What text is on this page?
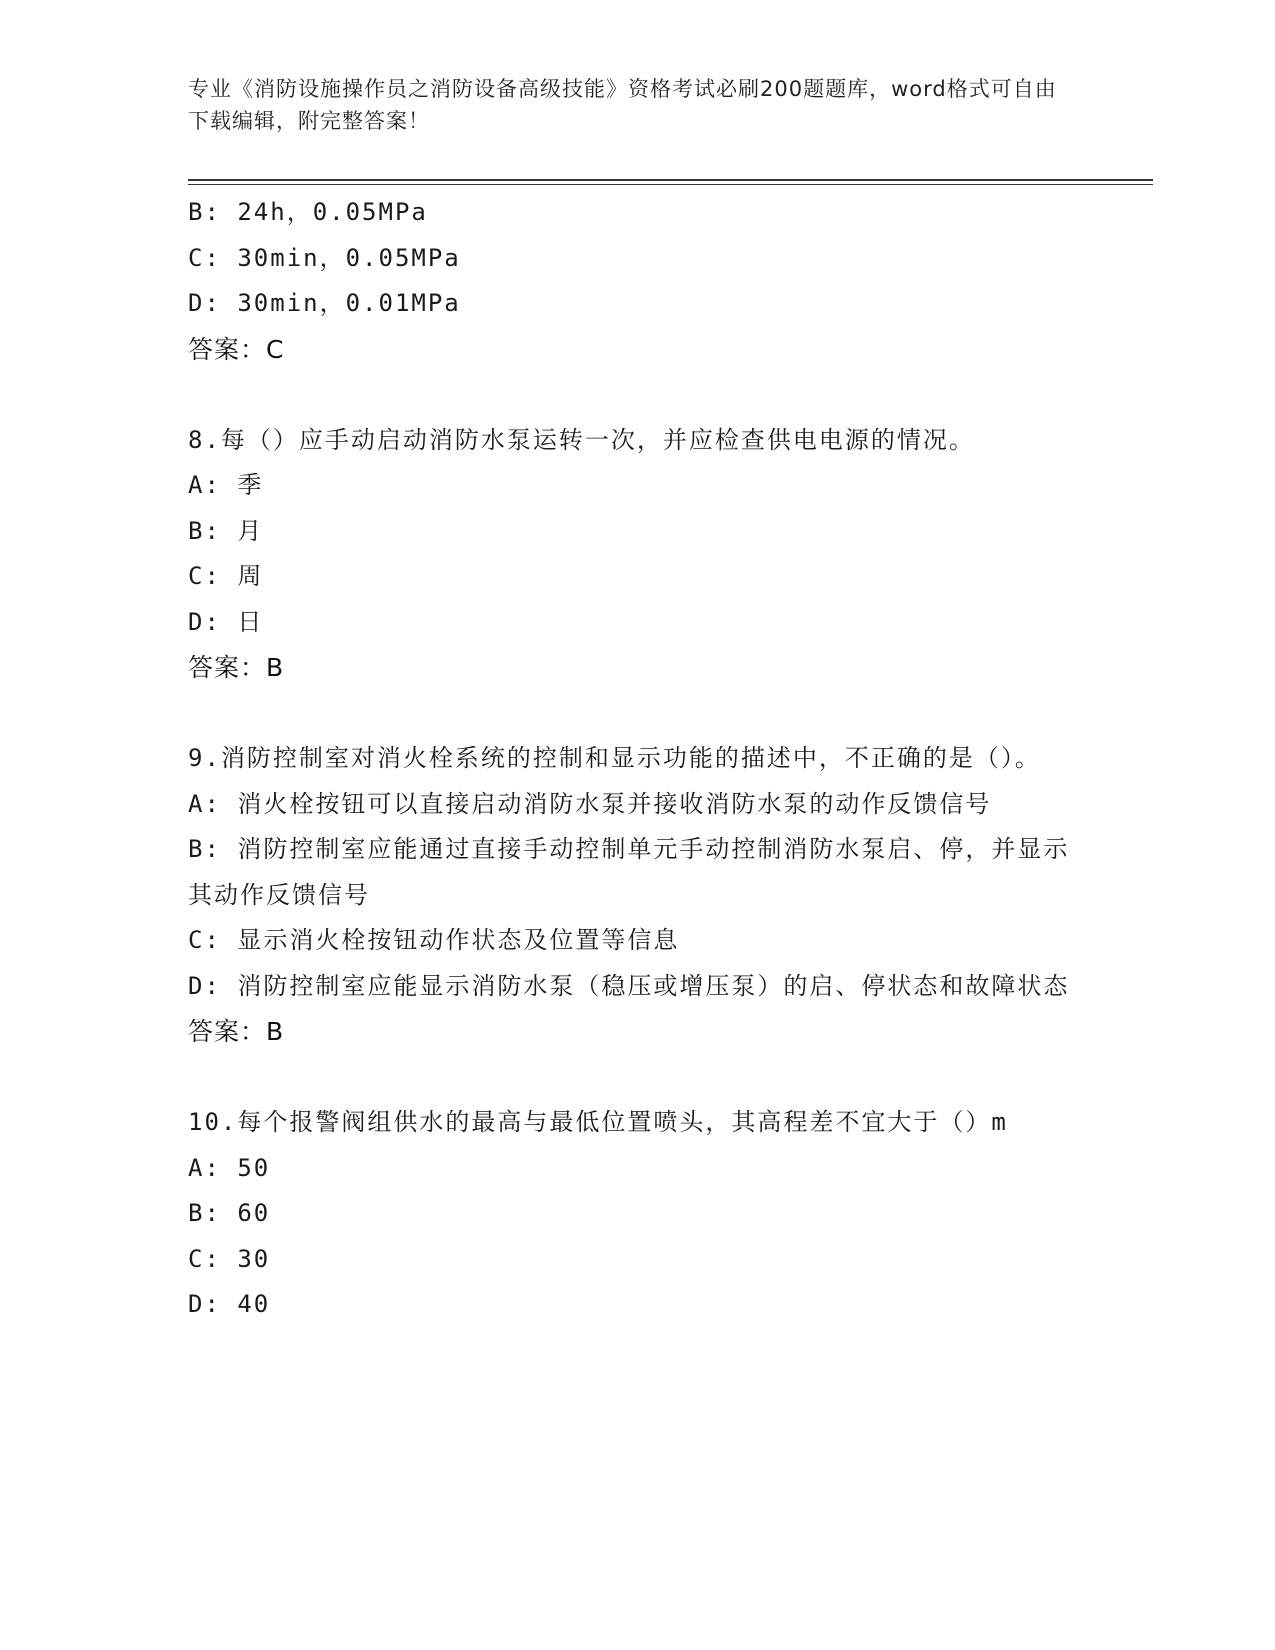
专业《消防设施操作员之消防设备高级技能》资格考试必刷200题题库，word格式可自由下载编辑，附完整答案！
B: 24h，0.05MPa
C: 30min，0.05MPa
D: 30min，0.01MPa
答案：C
8.每（）应手动启动消防水泵运转一次，并应检查供电电源的情况。
A: 季
B: 月
C: 周
D: 日
答案：B
9.消防控制室对消火栓系统的控制和显示功能的描述中，不正确的是（）。
A: 消火栓按钮可以直接启动消防水泵并接收消防水泵的动作反馈信号
B: 消防控制室应能通过直接手动控制单元手动控制消防水泵启、停，并显示其动作反馈信号
C: 显示消火栓按钮动作状态及位置等信息
D: 消防控制室应能显示消防水泵（稳压或增压泵）的启、停状态和故障状态
答案：B
10.每个报警阀组供水的最高与最低位置喷头，其高程差不宜大于（）m
A: 50
B: 60
C: 30
D: 40
